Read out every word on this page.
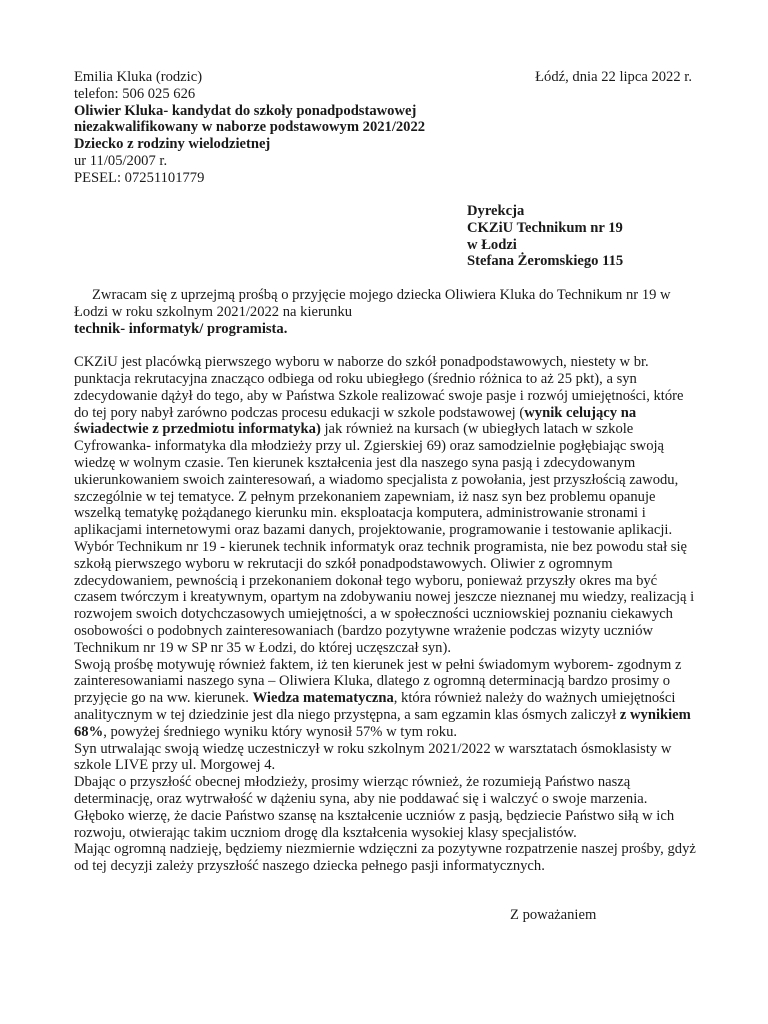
Emilia Kluka (rodzic)
telefon: 506 025 626
Oliwier Kluka- kandydat do szkoły ponadpodstawowej
niezakwalifikowany w naborze podstawowym 2021/2022
Dziecko z rodziny wielodzietnej
ur 11/05/2007 r.
PESEL: 07251101779
Łódź, dnia 22 lipca 2022 r.
Dyrekcja
CKZiU Technikum nr 19
w Łodzi
Stefana Żeromskiego 115

Zwracam się z uprzejmą prośbą o przyjęcie mojego dziecka Oliwiera Kluka do Technikum nr 19 w Łodzi w roku szkolnym 2021/2022 na kierunku

technik- informatyk/ programista.

CKZiU jest placówką pierwszego wyboru w naborze do szkół ponadpodstawowych, niestety w br. punktacja rekrutacyjna znacząco odbiega od roku ubiegłego (średnio różnica to aż 25 pkt), a syn zdecydowanie dążył do tego, aby w Państwa Szkole realizować swoje pasje i rozwój umiejętności, które do tej pory nabył zarówno podczas procesu edukacji w szkole podstawowej (wynik celujący na świadectwie z przedmiotu informatyka) jak również na kursach (w ubiegłych latach w szkole Cyfrowanka- informatyka dla młodzieży przy ul. Zgierskiej 69) oraz samodzielnie pogłębiając swoją wiedzę w wolnym czasie. Ten kierunek kształcenia jest dla naszego syna pasją i zdecydowanym ukierunkowaniem swoich zainteresowań, a wiadomo specjalista z powołania, jest przyszłością zawodu, szczególnie w tej tematyce. Z pełnym przekonaniem zapewniam, iż nasz syn bez problemu opanuje wszelką tematykę pożądanego kierunku min. eksploatacja komputera, administrowanie stronami i aplikacjami internetowymi oraz bazami danych, projektowanie, programowanie i testowanie aplikacji.

Wybór Technikum nr 19 - kierunek technik informatyk oraz technik programista, nie bez powodu stał się szkołą pierwszego wyboru w rekrutacji do szkół ponadpodstawowych. Oliwier z ogromnym zdecydowaniem, pewnością i przekonaniem dokonał tego wyboru, ponieważ przyszły okres ma być czasem twórczym i kreatywnym, opartym na zdobywaniu nowej jeszcze nieznanej mu wiedzy, realizacją i rozwojem swoich dotychczasowych umiejętności, a w społeczności uczniowskiej poznaniu ciekawych osobowości o podobnych zainteresowaniach (bardzo pozytywne wrażenie podczas wizyty uczniów Technikum nr 19 w SP nr 35 w Łodzi, do której uczęszczał syn).

Swoją prośbę motywuję również faktem, iż ten kierunek jest w pełni świadomym wyborem- zgodnym z zainteresowaniami naszego syna – Oliwiera Kluka, dlatego z ogromną determinacją bardzo prosimy o przyjęcie go na ww. kierunek. Wiedza matematyczna, która również należy do ważnych umiejętności analitycznym w tej dziedzinie jest dla niego przystępna, a sam egzamin klas ósmych zaliczył z wynikiem 68%, powyżej średniego wyniku który wynosił 57% w tym roku.

Syn utrwalając swoją wiedzę uczestniczył w roku szkolnym 2021/2022 w warsztatach ósmoklasisty w szkole LIVE przy ul. Morgowej 4.

Dbając o przyszłość obecnej młodzieży, prosimy wierząc również, że rozumieją Państwo naszą determinację, oraz wytrwałość w dążeniu syna, aby nie poddawać się i walczyć o swoje marzenia.

Głęboko wierzę, że dacie Państwo szansę na kształcenie uczniów z pasją, będziecie Państwo siłą w ich rozwoju, otwierając takim uczniom drogę dla kształcenia wysokiej klasy specjalistów.

Mając ogromną nadzieję, będziemy niezmiernie wdzięczni za pozytywne rozpatrzenie naszej prośby, gdyż od tej decyzji zależy przyszłość naszego dziecka pełnego pasji informatycznych.

Z poważaniem
